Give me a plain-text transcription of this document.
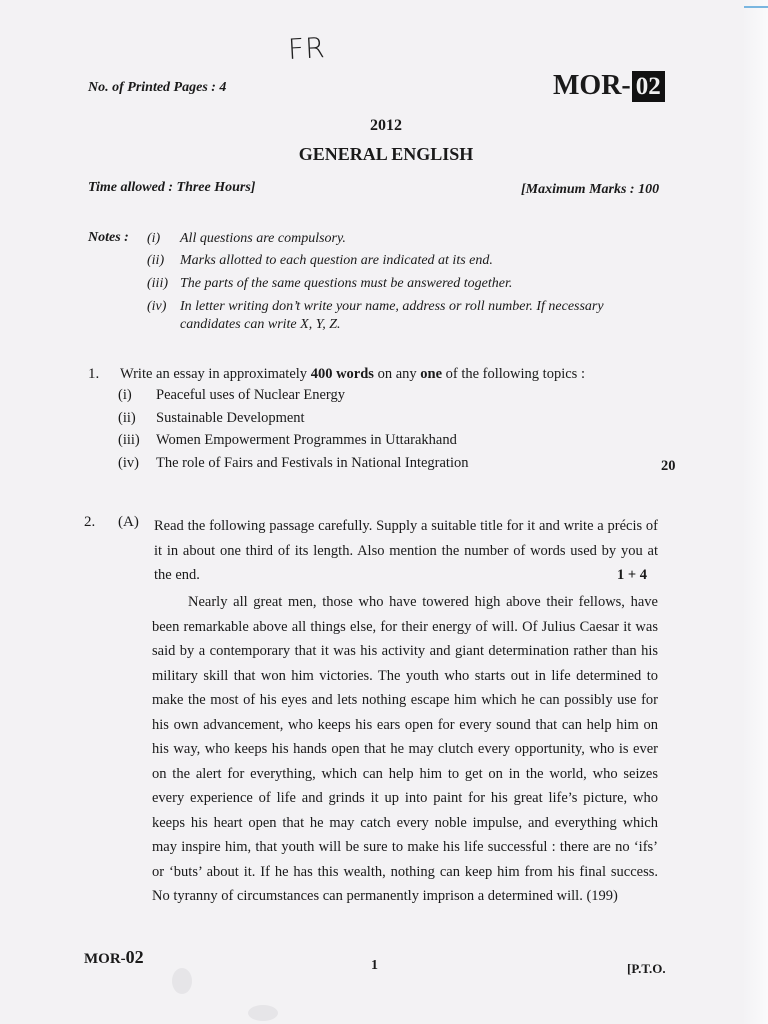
FR
No. of Printed Pages : 4	MOR- 02
2012
GENERAL ENGLISH
Time allowed : Three Hours]	[Maximum Marks : 100
Notes : (i) All questions are compulsory.
(ii) Marks allotted to each question are indicated at its end.
(iii) The parts of the same questions must be answered together.
(iv) In letter writing don’t write your name, address or roll number. If necessary candidates can write X, Y, Z.
1. Write an essay in approximately 400 words on any one of the following topics :
(i) Peaceful uses of Nuclear Energy
(ii) Sustainable Development
(iii) Women Empowerment Programmes in Uttarakhand
(iv) The role of Fairs and Festivals in National Integration	20
2. (A) Read the following passage carefully. Supply a suitable title for it and write a précis of it in about one third of its length. Also mention the number of words used by you at the end.	1 + 4
Nearly all great men, those who have towered high above their fellows, have been remarkable above all things else, for their energy of will. Of Julius Caesar it was said by a contemporary that it was his activity and giant determination rather than his military skill that won him victories. The youth who starts out in life determined to make the most of his eyes and lets nothing escape him which he can possibly use for his own advancement, who keeps his ears open for every sound that can help him on his way, who keeps his hands open that he may clutch every opportunity, who is ever on the alert for everything, which can help him to get on in the world, who seizes every experience of life and grinds it up into paint for his great life’s picture, who keeps his heart open that he may catch every noble impulse, and everything which may inspire him, that youth will be sure to make his life successful : there are no ‘ifs’ or ‘buts’ about it. If he has this wealth, nothing can keep him from his final success. No tyranny of circumstances can permanently imprison a determined will. (199)
MOR-02	1	[P.T.O.
